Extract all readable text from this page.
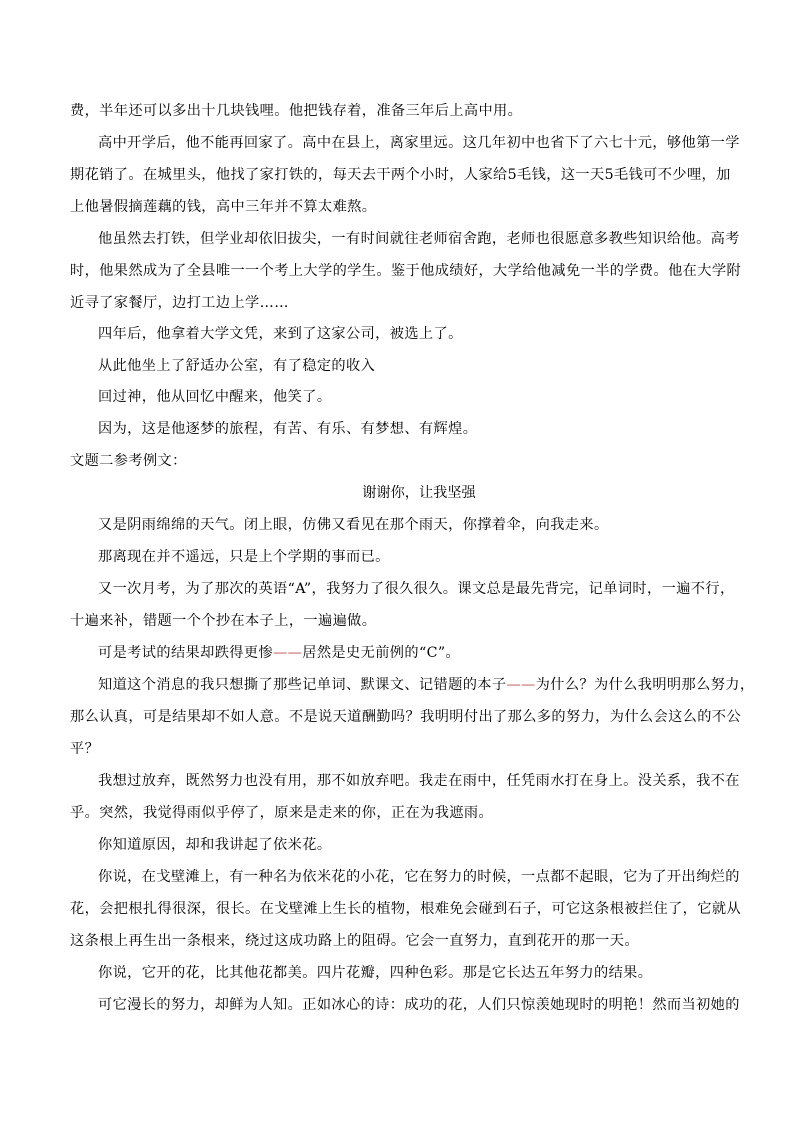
费，半年还可以多出十几块钱哩。他把钱存着，准备三年后上高中用。
高中开学后，他不能再回家了。高中在县上，离家里远。这几年初中也省下了六七十元，够他第一学
期花销了。在城里头，他找了家打铁的，每天去干两个小时，人家给5毛钱，这一天5毛钱可不少哩，加
上他暑假摘莲藕的钱，高中三年并不算太难熬。
他虽然去打铁，但学业却依旧拔尖，一有时间就往老师宿舍跑，老师也很愿意多教些知识给他。高考
时，他果然成为了全县唯一一个考上大学的学生。鉴于他成绩好，大学给他减免一半的学费。他在大学附
近寻了家餐厅，边打工边上学……
四年后，他拿着大学文凭，来到了这家公司，被选上了。
从此他坐上了舒适办公室，有了稳定的收入
回过神，他从回忆中醒来，他笑了。
因为，这是他逐梦的旅程，有苦、有乐、有梦想、有辉煌。
文题二参考例文：
谢谢你，让我坚强
又是阴雨绵绵的天气。闭上眼，仿佛又看见在那个雨天，你撑着伞，向我走来。
那离现在并不遥远，只是上个学期的事而已。
又一次月考，为了那次的英语“A”，我努力了很久很久。课文总是最先背完，记单词时，一遍不行，
十遍来补，错题一个个抄在本子上，一遍遍做。
可是考试的结果却跌得更惨——居然是史无前例的“C”。
知道这个消息的我只想撕了那些记单词、默课文、记错题的本子——为什么？为什么我明明那么努力，
那么认真，可是结果却不如人意。不是说天道酬勤吗？我明明付出了那么多的努力，为什么会这么的不公
平？
我想过放弃，既然努力也没有用，那不如放弃吧。我走在雨中，任凭雨水打在身上。没关系，我不在
乎。突然，我觉得雨似乎停了，原来是走来的你，正在为我遮雨。
你知道原因，却和我讲起了依米花。
你说，在戈壁滩上，有一种名为依米花的小花，它在努力的时候，一点都不起眼，它为了开出绚烂的
花，会把根扎得很深，很长。在戈壁滩上生长的植物，根难免会碰到石子，可它这条根被拦住了，它就从
这条根上再生出一条根来，绕过这成功路上的阻碍。它会一直努力，直到花开的那一天。
你说，它开的花，比其他花都美。四片花瓣，四种色彩。那是它长达五年努力的结果。
可它漫长的努力，却鲜为人知。正如冰心的诗：成功的花，人们只惊羡她现时的明艳！然而当初她的
